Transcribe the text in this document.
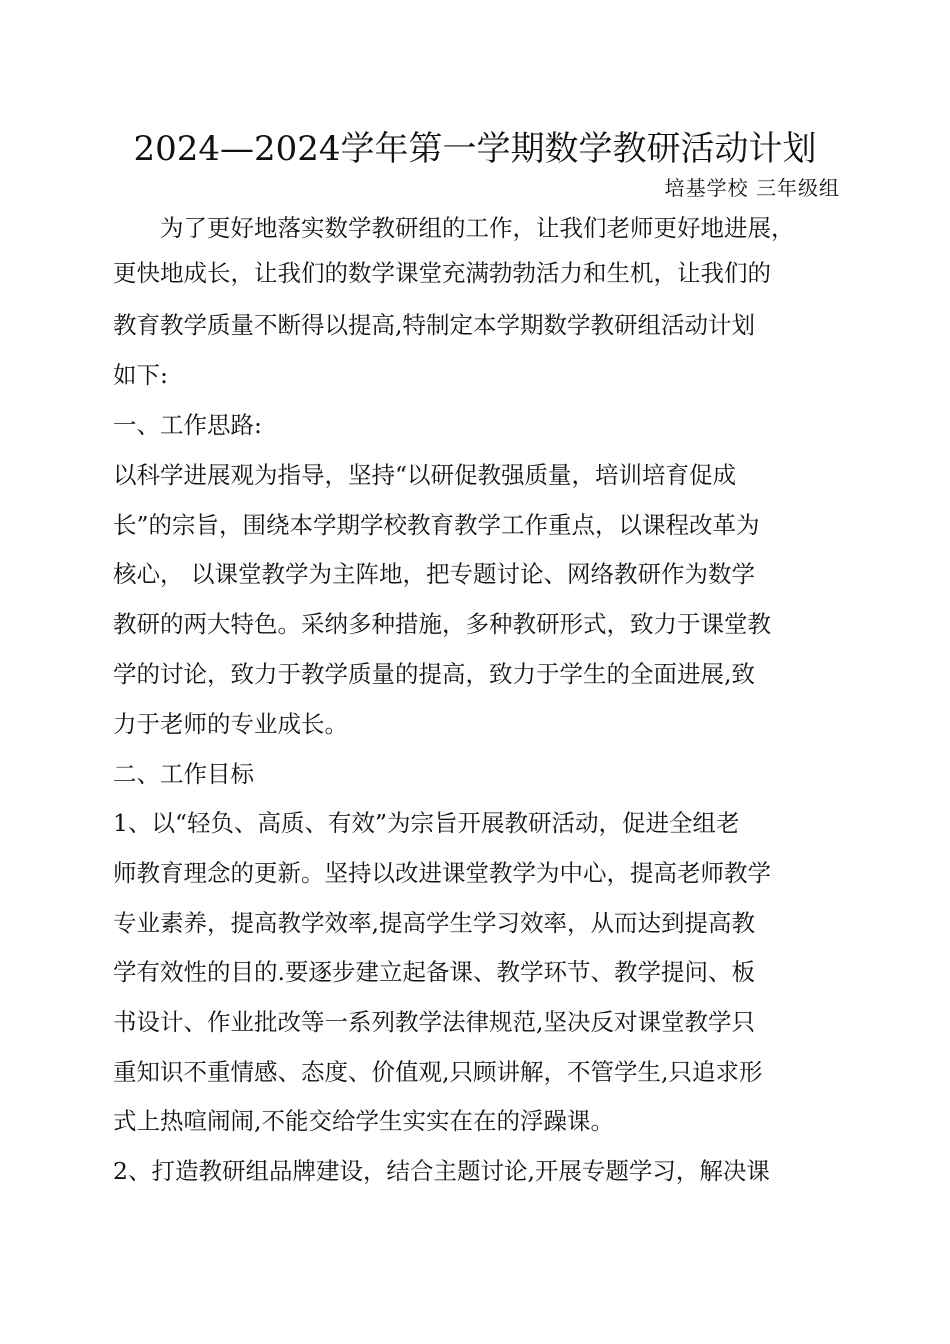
2024—2024学年第一学期数学教研活动计划
培基学校 三年级组
　　为了更好地落实数学教研组的工作，让我们老师更好地进展，
更快地成长，让我们的数学课堂充满勃勃活力和生机，让我们的
教育教学质量不断得以提高,特制定本学期数学教研组活动计划
如下:
一、工作思路:
以科学进展观为指导，坚持“以研促教强质量，培训培育促成
长”的宗旨，围绕本学期学校教育教学工作重点，以课程改革为
核心， 以课堂教学为主阵地，把专题讨论、网络教研作为数学
教研的两大特色。采纳多种措施，多种教研形式，致力于课堂教
学的讨论，致力于教学质量的提高，致力于学生的全面进展,致
力于老师的专业成长。
二、工作目标
1、以“轻负、高质、有效”为宗旨开展教研活动，促进全组老
师教育理念的更新。坚持以改进课堂教学为中心，提高老师教学
专业素养，提高教学效率,提高学生学习效率，从而达到提高教
学有效性的目的.要逐步建立起备课、教学环节、教学提问、板
书设计、作业批改等一系列教学法律规范,坚决反对课堂教学只
重知识不重情感、态度、价值观,只顾讲解，不管学生,只追求形
式上热喧闹闹,不能交给学生实实在在的浮躁课。
2、打造教研组品牌建设，结合主题讨论,开展专题学习，解决课
